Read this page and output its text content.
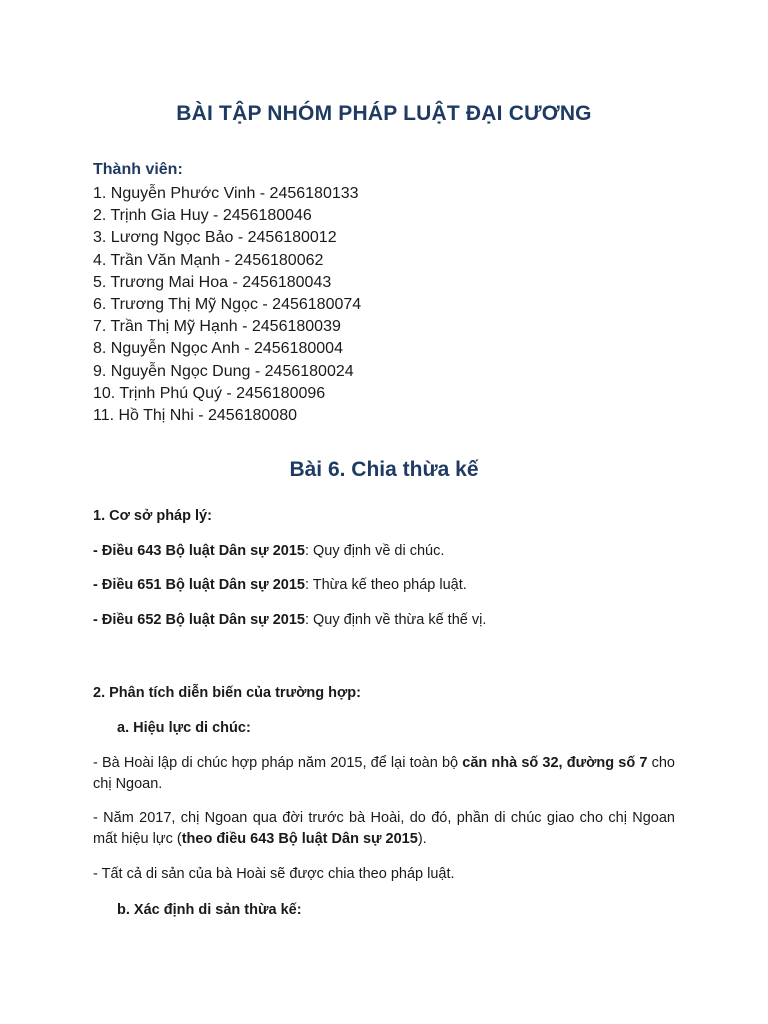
BÀI TẬP NHÓM PHÁP LUẬT ĐẠI CƯƠNG
Thành viên:
1. Nguyễn Phước Vinh - 2456180133
2. Trịnh Gia Huy - 2456180046
3. Lương Ngọc Bảo - 2456180012
4. Trần Văn Mạnh - 2456180062
5. Trương Mai Hoa - 2456180043
6. Trương Thị Mỹ Ngọc - 2456180074
7. Trần Thị Mỹ Hạnh - 2456180039
8. Nguyễn Ngọc Anh - 2456180004
9. Nguyễn Ngọc Dung - 2456180024
10. Trịnh Phú Quý - 2456180096
11. Hồ Thị Nhi - 2456180080
Bài 6. Chia thừa kế

1. Cơ sở pháp lý:

- Điều 643 Bộ luật Dân sự 2015: Quy định về di chúc.

- Điều 651 Bộ luật Dân sự 2015: Thừa kế theo pháp luật.

- Điều 652 Bộ luật Dân sự 2015: Quy định về thừa kế thế vị.

2. Phân tích diễn biến của trường hợp:

a. Hiệu lực di chúc:

- Bà Hoài lập di chúc hợp pháp năm 2015, để lại toàn bộ căn nhà số 32, đường số 7 cho chị Ngoan.

- Năm 2017, chị Ngoan qua đời trước bà Hoài, do đó, phần di chúc giao cho chị Ngoan mất hiệu lực (theo điều 643 Bộ luật Dân sự 2015).

- Tất cả di sản của bà Hoài sẽ được chia theo pháp luật.

b. Xác định di sản thừa kế:
